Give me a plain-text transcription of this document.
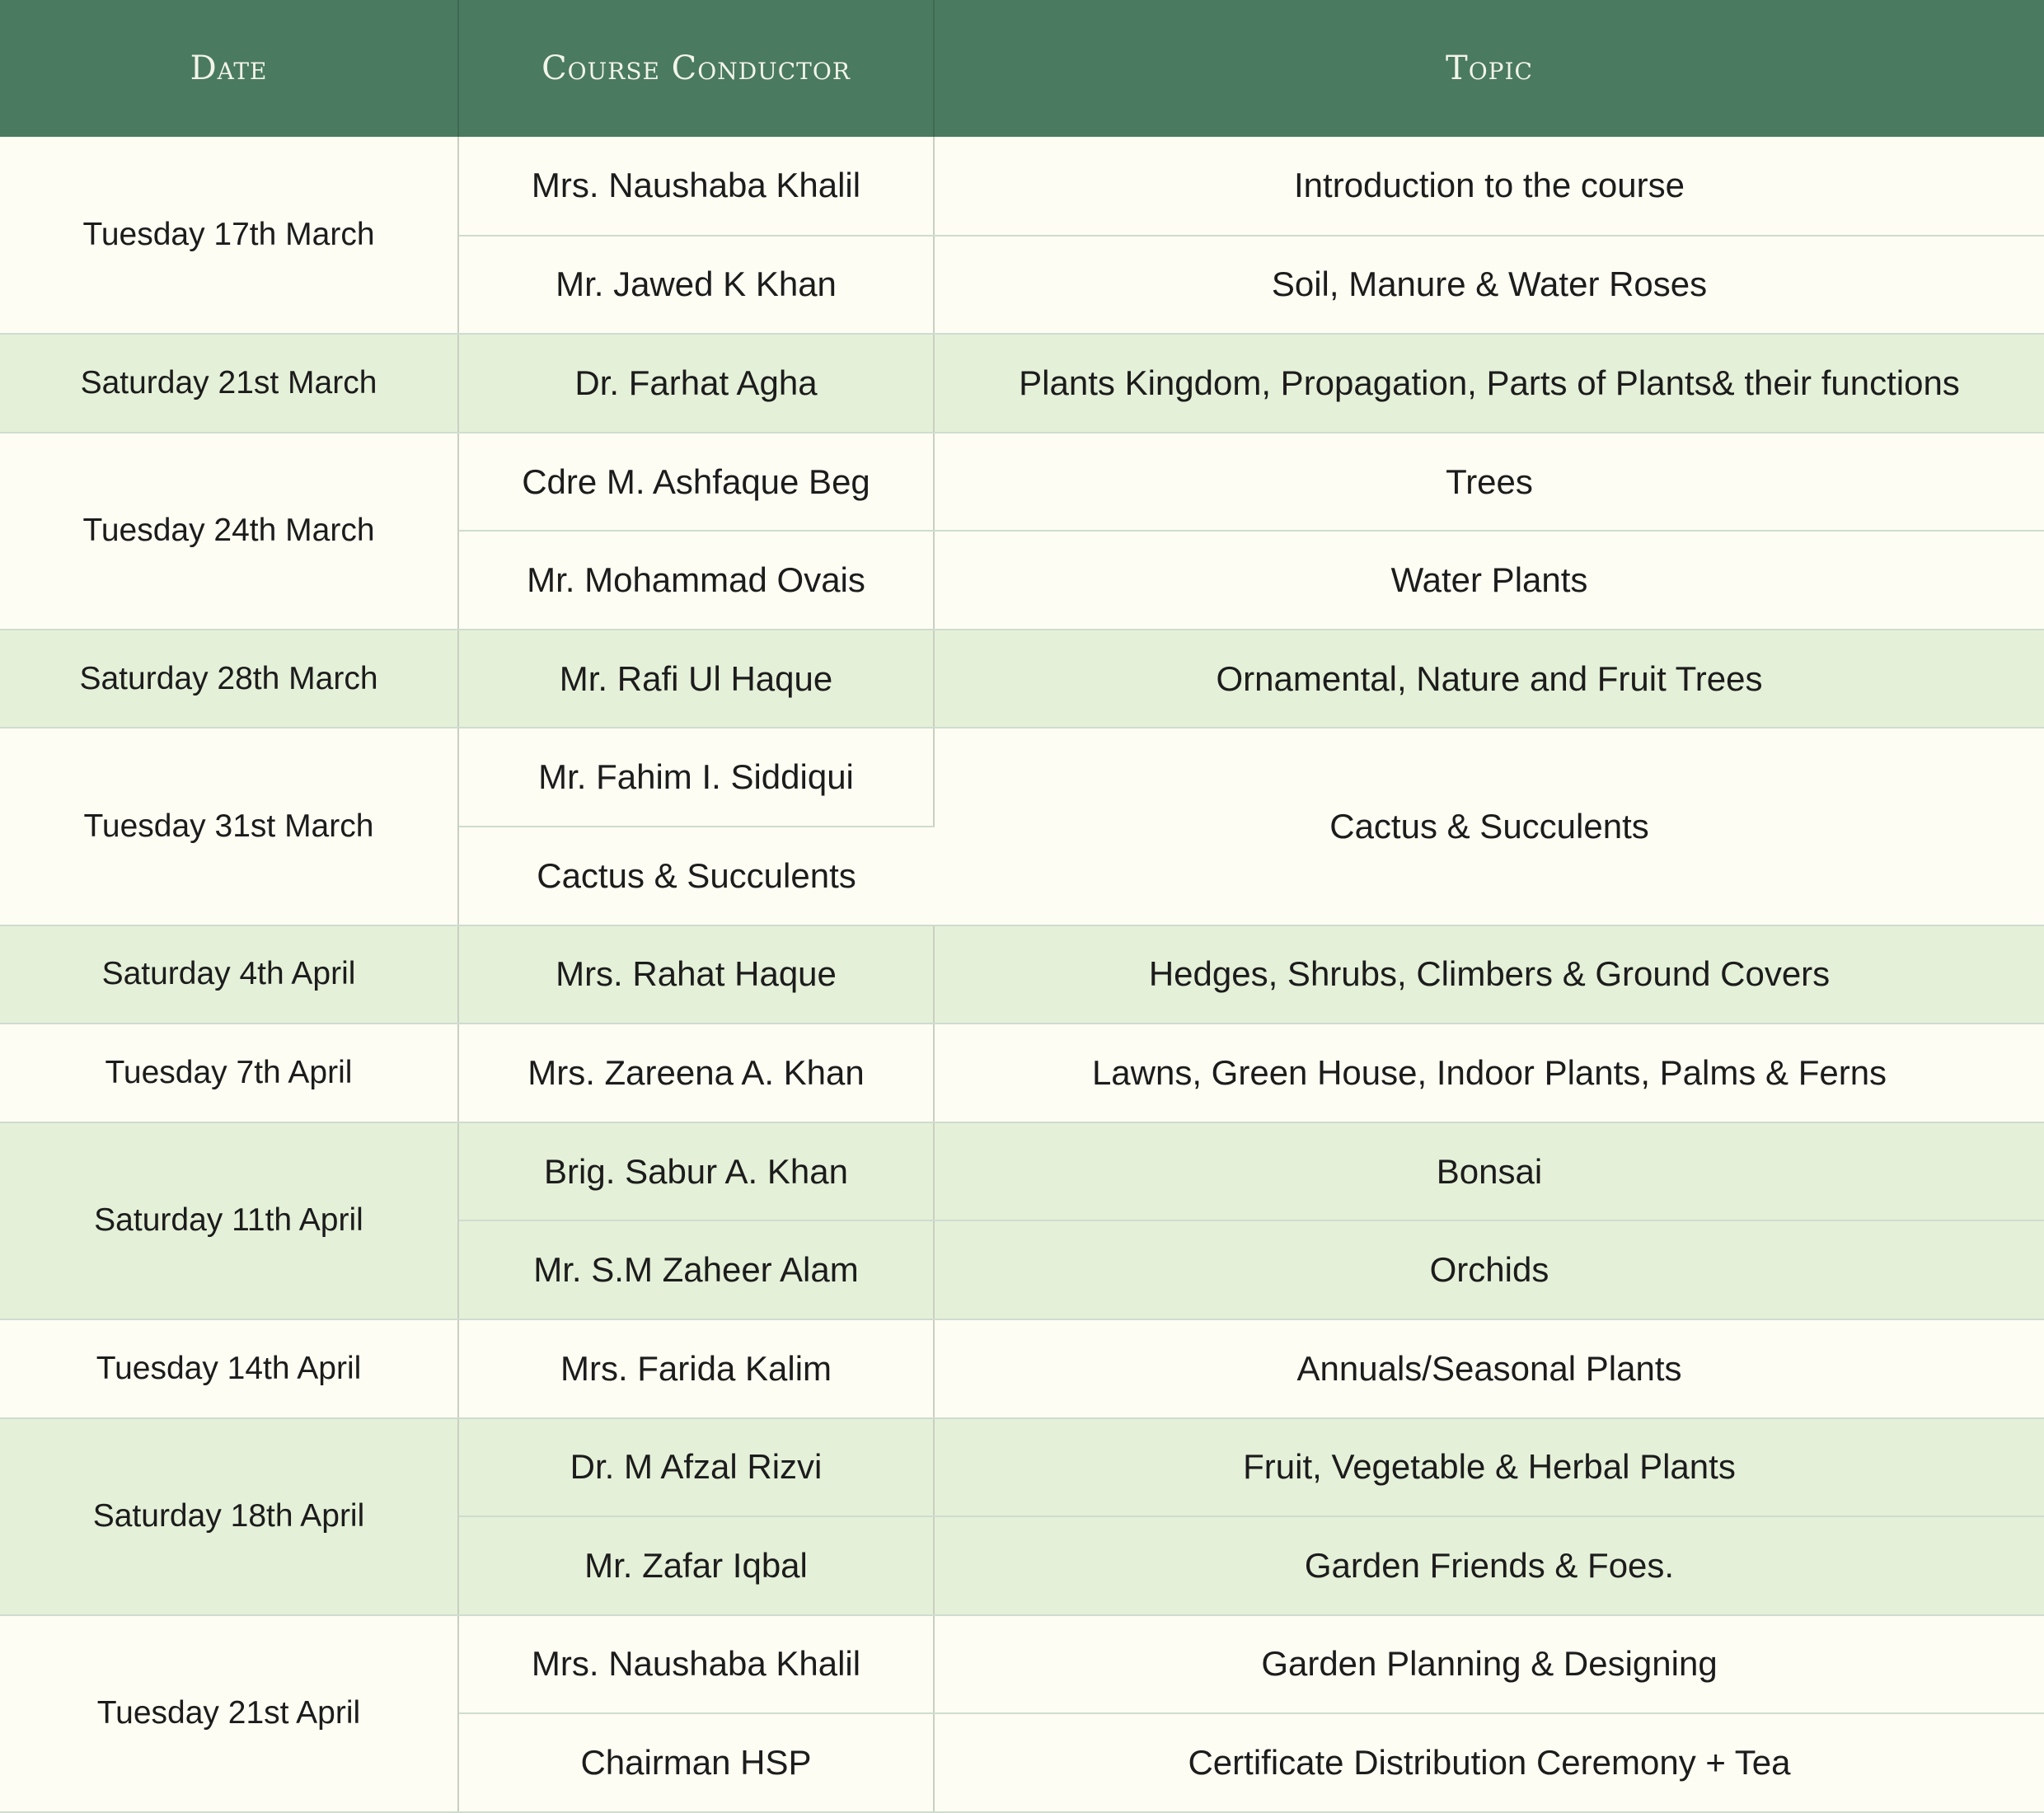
Date	Course Conductor	Topic
Tuesday 17th March	Mrs. Naushaba Khalil	Introduction to the course
	Mr. Jawed K Khan	Soil, Manure & Water Roses
Saturday 21st March	Dr. Farhat Agha	Plants Kingdom, Propagation, Parts of Plants& their functions
Tuesday 24th March	Cdre M. Ashfaque Beg	Trees
	Mr. Mohammad Ovais	Water Plants
Saturday 28th March	Mr. Rafi Ul Haque	Ornamental, Nature and Fruit Trees
Tuesday 31st March	Mr. Fahim I. Siddiqui	Cactus & Succulents
	Cactus & Succulents	
Saturday 4th April	Mrs. Rahat Haque	Hedges, Shrubs, Climbers & Ground Covers
Tuesday 7th April	Mrs. Zareena A. Khan	Lawns, Green House, Indoor Plants, Palms & Ferns
Saturday 11th April	Brig. Sabur A. Khan	Bonsai
	Mr. S.M Zaheer Alam	Orchids
Tuesday 14th April	Mrs. Farida Kalim	Annuals/Seasonal Plants
Saturday 18th April	Dr. M Afzal Rizvi	Fruit, Vegetable & Herbal Plants
	Mr. Zafar Iqbal	Garden Friends & Foes.
Tuesday 21st April	Mrs. Naushaba Khalil	Garden Planning & Designing
	Chairman HSP	Certificate Distribution Ceremony + Tea
